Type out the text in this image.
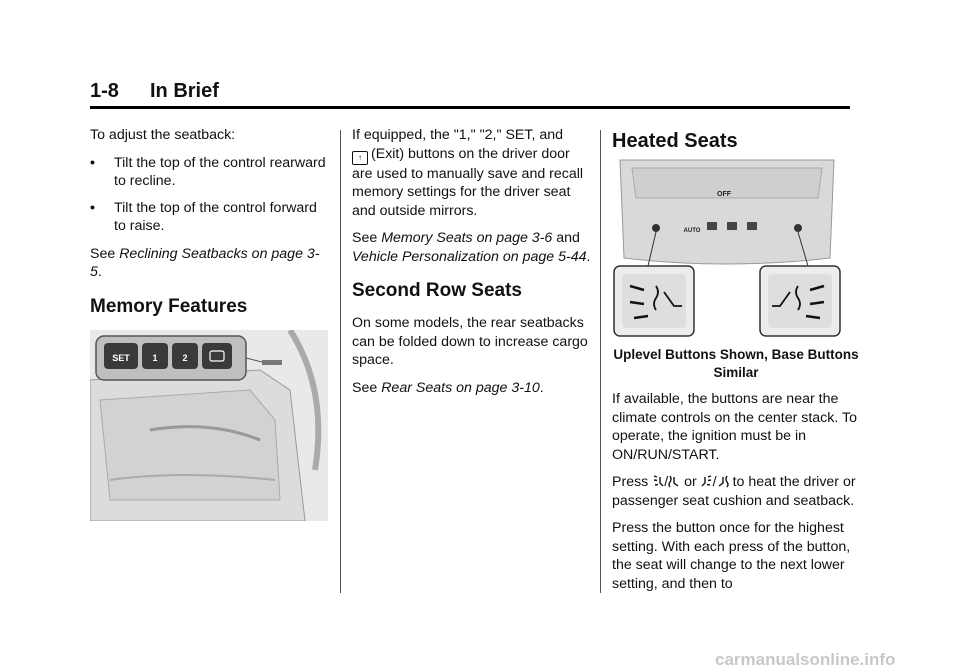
1-8 In Brief

To adjust the seatback:

• Tilt the top of the control rearward to recline.
• Tilt the top of the control forward to raise.

See Reclining Seatbacks on page 3-5.

Memory Features
SET	1	2

If equipped, the "1," "2," SET, and
↑ (Exit) buttons on the driver door are used to manually save and recall memory settings for the driver seat and outside mirrors.

See Memory Seats on page 3-6 and Vehicle Personalization on page 5-44.

Second Row Seats

On some models, the rear seatbacks can be folded down to increase cargo space.

See Rear Seats on page 3-10.

Heated Seats
OFF
AUTO
Uplevel Buttons Shown, Base Buttons Similar

If available, the buttons are near the climate controls on the center stack. To operate, the ignition must be in ON/RUN/START.

Press / or / to heat the driver or passenger seat cushion and seatback.

Press the button once for the highest setting. With each press of the button, the seat will change to the next lower setting, and then to

carmanualsonline.info
